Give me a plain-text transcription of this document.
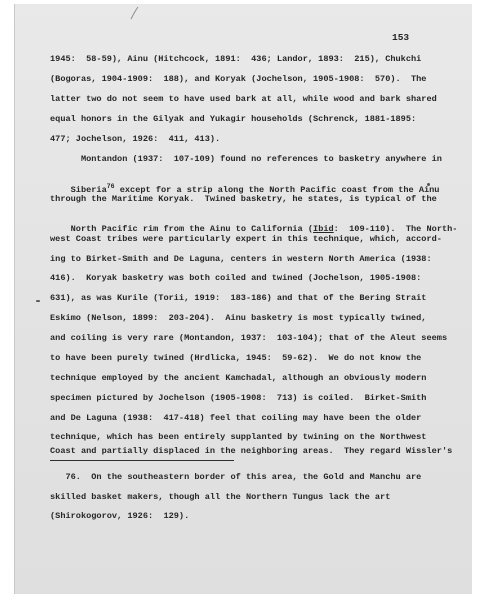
153
1945:  58-59), Ainu (Hitchcock, 1891:  436; Landor, 1893:  215), Chukchi
(Bogoras, 1904-1909:  188), and Koryak (Jochelson, 1905-1908:  570).  The
latter two do not seem to have used bark at all, while wood and bark shared
equal honors in the Gilyak and Yukagir households (Schrenck, 1881-1895:
477; Jochelson, 1926:  411, 413).
Montandon (1937:  107-109) found no references to basketry anywhere in

Siberia$^{76}$ except for a strip along the North Pacific coast from the Ainu

through the Maritime Koryak.  Twined basketry, he states, is typical of the

North Pacific rim from the Ainu to California (Ibid:  109-110).  The North-

west Coast tribes were particularly expert in this technique, which, accord-
ing to Birket-Smith and De Laguna, centers in western North America (1938:
416).  Koryak basketry was both coiled and twined (Jochelson, 1905-1908:
631), as was Kurile (Torii, 1919:  183-186) and that of the Bering Strait
Eskimo (Nelson, 1899:  203-204).  Ainu basketry is most typically twined,
and coiling is very rare (Montandon, 1937:  103-104); that of the Aleut seems
to have been purely twined (Hrdlicka, 1945:  59-62).  We do not know the
technique employed by the ancient Kamchadal, although an obviously modern
specimen pictured by Jochelson (1905-1908:  713) is coiled.  Birket-Smith
and De Laguna (1938:  417-418) feel that coiling may have been the older
technique, which has been entirely supplanted by twining on the Northwest
Coast and partially displaced in the neighboring areas.  They regard Wissler's
76.  On the southeastern border of this area, the Gold and Manchu are
skilled basket makers, though all the Northern Tungus lack the art
(Shirokogorov, 1926:  129).
